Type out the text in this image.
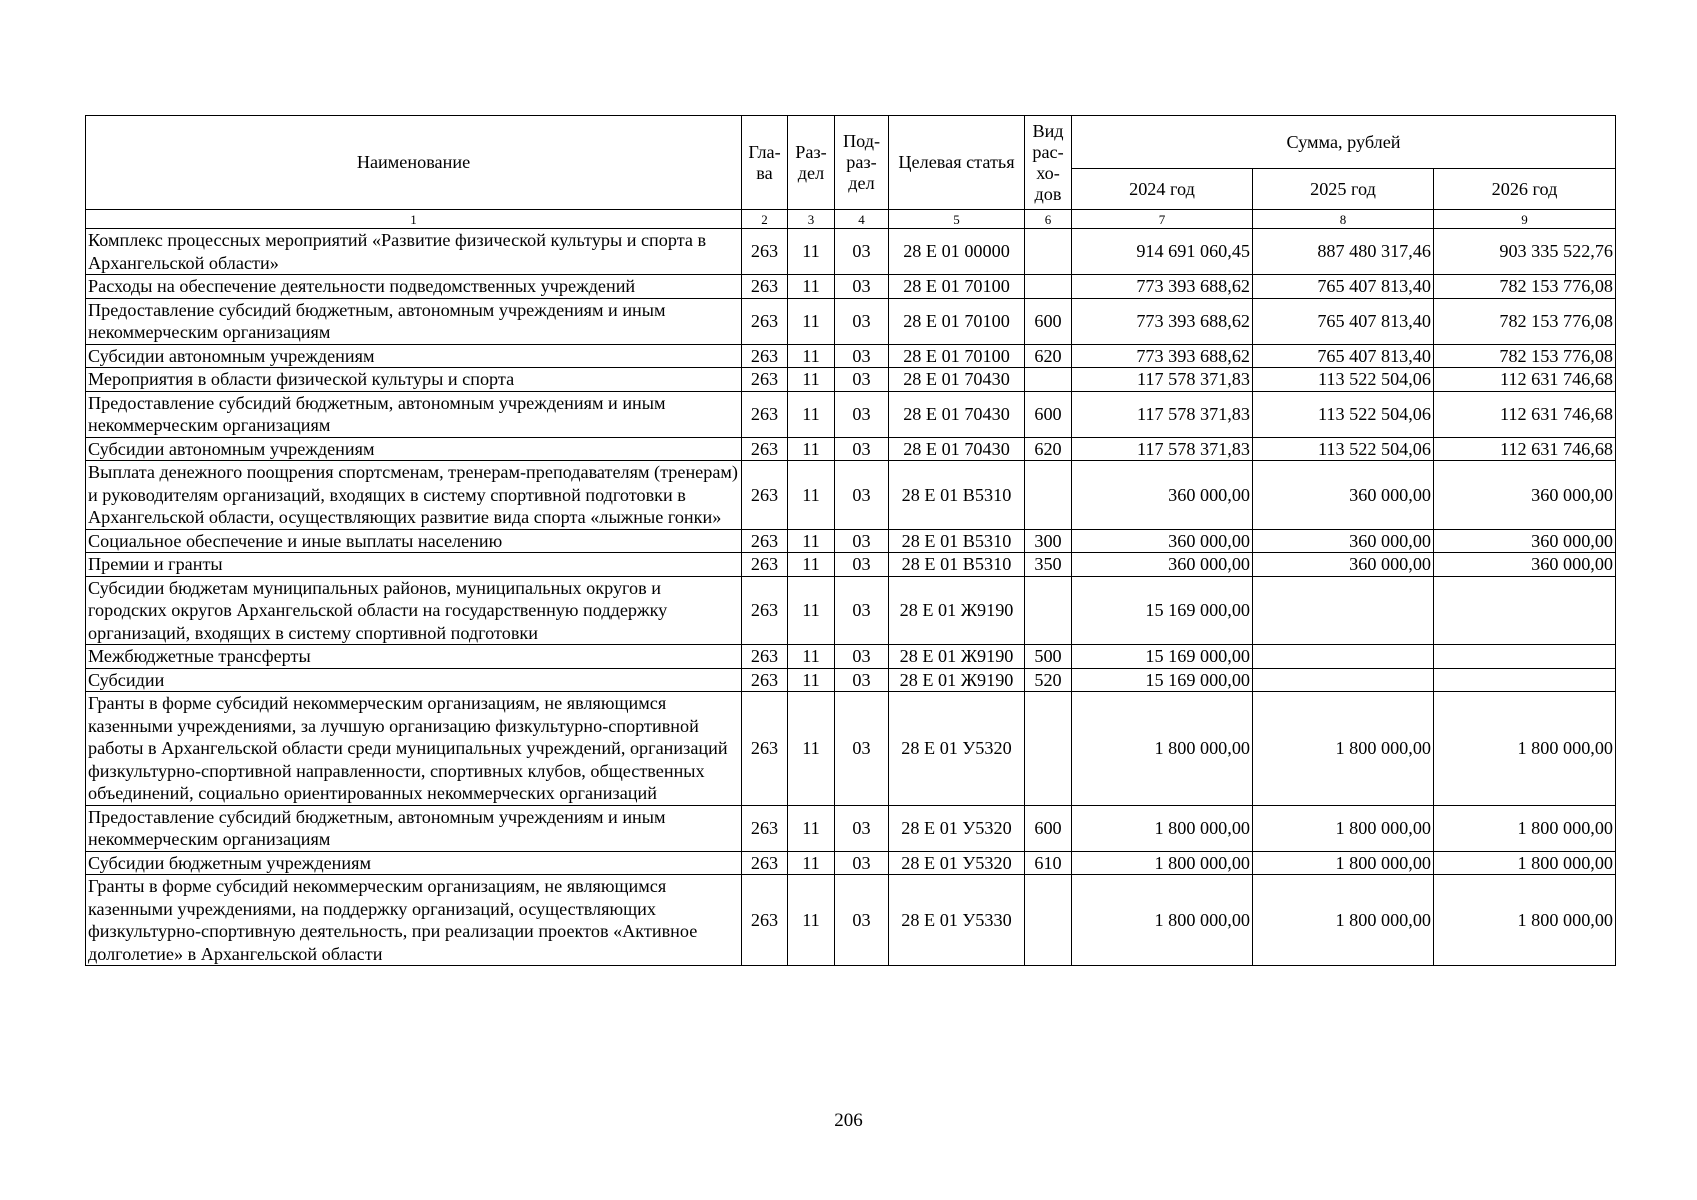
Наименование	Гла-ва	Раз-дел	Под-раз-дел	Целевая статья	Вид рас-хо-дов	Сумма, рублей		
						2024 год	2025 год	2026 год
1	2	3	4	5	6	7	8	9
Комплекс процессных мероприятий «Развитие физической культуры и спорта в Архангельской области»	263	11	03	28 Е 01 00000		914 691 060,45	887 480 317,46	903 335 522,76
Расходы на обеспечение деятельности подведомственных учреждений	263	11	03	28 Е 01 70100		773 393 688,62	765 407 813,40	782 153 776,08
Предоставление субсидий бюджетным, автономным учреждениям и иным некоммерческим организациям	263	11	03	28 Е 01 70100	600	773 393 688,62	765 407 813,40	782 153 776,08
Субсидии автономным учреждениям	263	11	03	28 Е 01 70100	620	773 393 688,62	765 407 813,40	782 153 776,08
Мероприятия в области физической культуры и спорта	263	11	03	28 Е 01 70430		117 578 371,83	113 522 504,06	112 631 746,68
Предоставление субсидий бюджетным, автономным учреждениям и иным некоммерческим организациям	263	11	03	28 Е 01 70430	600	117 578 371,83	113 522 504,06	112 631 746,68
Субсидии автономным учреждениям	263	11	03	28 Е 01 70430	620	117 578 371,83	113 522 504,06	112 631 746,68
Выплата денежного поощрения спортсменам, тренерам-преподавателям (тренерам) и руководителям организаций, входящих в систему спортивной подготовки в Архангельской области, осуществляющих развитие вида спорта «лыжные гонки»	263	11	03	28 Е 01 В5310		360 000,00	360 000,00	360 000,00
Социальное обеспечение и иные выплаты населению	263	11	03	28 Е 01 В5310	300	360 000,00	360 000,00	360 000,00
Премии и гранты	263	11	03	28 Е 01 В5310	350	360 000,00	360 000,00	360 000,00
Субсидии бюджетам муниципальных районов, муниципальных округов и городских округов Архангельской области на государственную поддержку организаций, входящих в систему спортивной подготовки	263	11	03	28 Е 01 Ж9190		15 169 000,00		
Межбюджетные трансферты	263	11	03	28 Е 01 Ж9190	500	15 169 000,00		
Субсидии	263	11	03	28 Е 01 Ж9190	520	15 169 000,00		
Гранты в форме субсидий некоммерческим организациям, не являющимся казенными учреждениями, за лучшую организацию физкультурно-спортивной работы в Архангельской области среди муниципальных учреждений, организаций физкультурно-спортивной направленности, спортивных клубов, общественных объединений, социально ориентированных некоммерческих организаций	263	11	03	28 Е 01 У5320		1 800 000,00	1 800 000,00	1 800 000,00
Предоставление субсидий бюджетным, автономным учреждениям и иным некоммерческим организациям	263	11	03	28 Е 01 У5320	600	1 800 000,00	1 800 000,00	1 800 000,00
Субсидии бюджетным учреждениям	263	11	03	28 Е 01 У5320	610	1 800 000,00	1 800 000,00	1 800 000,00
Гранты в форме субсидий некоммерческим организациям, не являющимся казенными учреждениями, на поддержку организаций, осуществляющих физкультурно-спортивную деятельность, при реализации проектов «Активное долголетие» в Архангельской области	263	11	03	28 Е 01 У5330		1 800 000,00	1 800 000,00	1 800 000,00
206
